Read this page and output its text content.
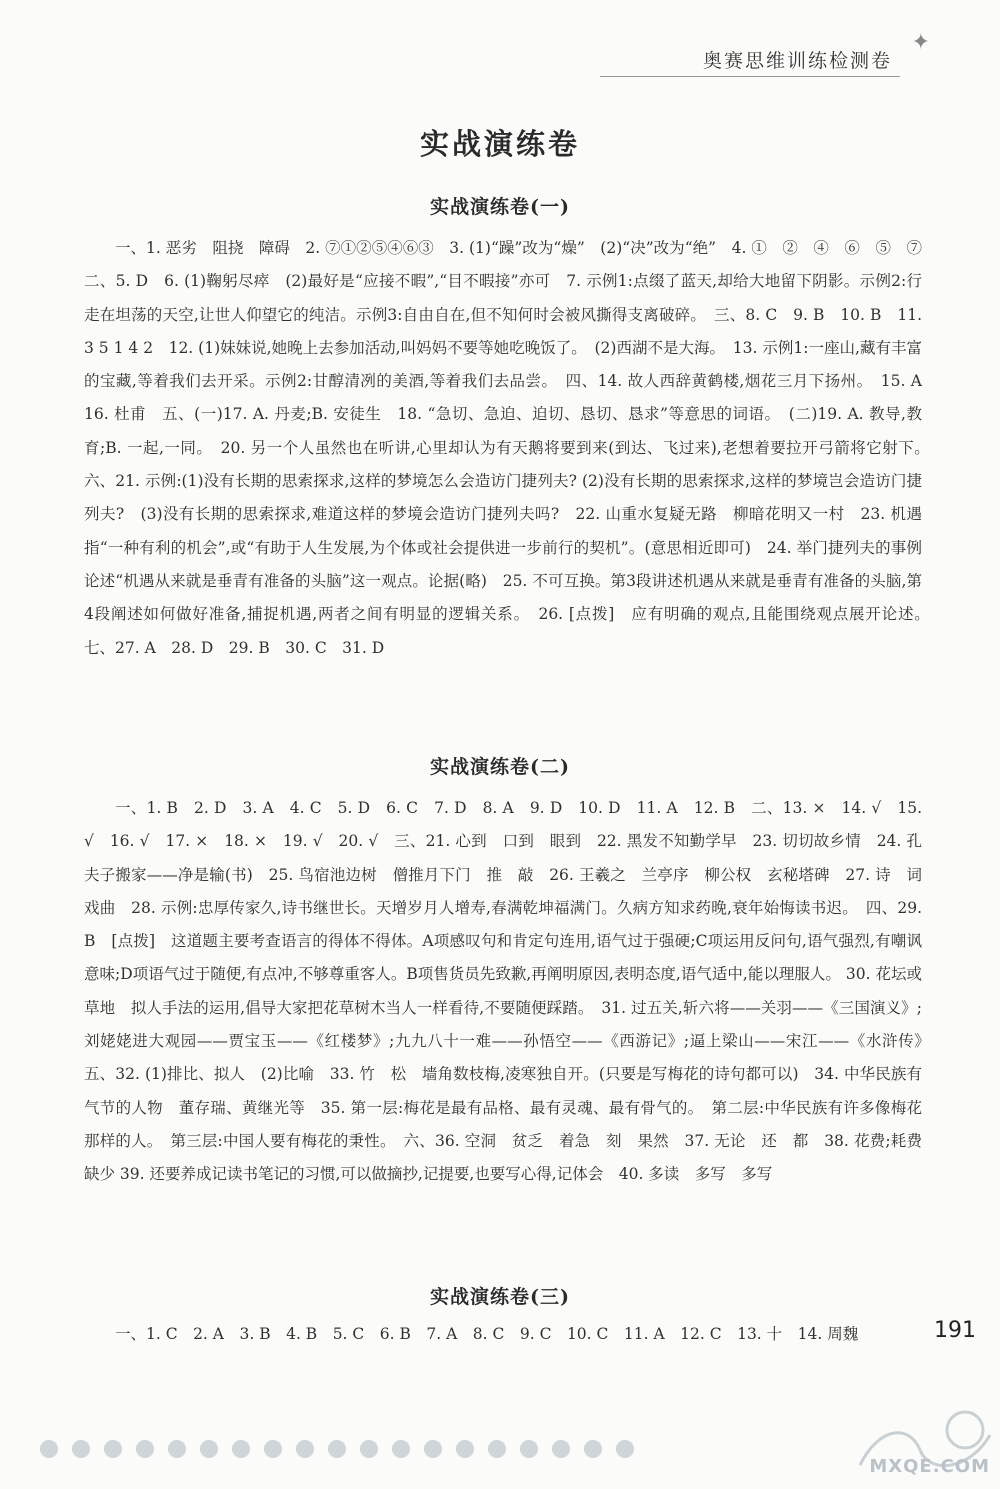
奥赛思维训练检测卷
✦
实战演练卷
实战演练卷(一)
一、1. 恶劣　阻挠　障碍　2. ⑦①②⑤④⑥③　3. (1)“躁”改为“燥”　(2)“决”改为“绝”　4. ①　②　④　⑥　⑤　⑦　二、5. D　6. (1)鞠躬尽瘁　(2)最好是“应接不暇”,“目不暇接”亦可　7. 示例1:点缀了蓝天,却给大地留下阴影。示例2:行走在坦荡的天空,让世人仰望它的纯洁。示例3:自由自在,但不知何时会被风撕得支离破碎。　三、8. C　9. B　10. B　11. 3 5 1 4 2　12. (1)妹妹说,她晚上去参加活动,叫妈妈不要等她吃晚饭了。　(2)西湖不是大海。　13. 示例1:一座山,藏有丰富的宝藏,等着我们去开采。示例2:甘醇清冽的美酒,等着我们去品尝。　四、14. 故人西辞黄鹤楼,烟花三月下扬州。　15. A　16. 杜甫　五、(一)17. A. 丹麦;B. 安徒生　18. “急切、急迫、迫切、恳切、恳求”等意思的词语。　(二)19. A. 教导,教育;B. 一起,一同。　20. 另一个人虽然也在听讲,心里却认为有天鹅将要到来(到达、飞过来),老想着要拉开弓箭将它射下。　六、21. 示例:(1)没有长期的思索探求,这样的梦境怎么会造访门捷列夫? (2)没有长期的思索探求,这样的梦境岂会造访门捷列夫?　(3)没有长期的思索探求,难道这样的梦境会造访门捷列夫吗?　22. 山重水复疑无路　柳暗花明又一村　23. 机遇指“一种有利的机会”,或“有助于人生发展,为个体或社会提供进一步前行的契机”。(意思相近即可)　24. 举门捷列夫的事例论述“机遇从来就是垂青有准备的头脑”这一观点。论据(略)　25. 不可互换。第3段讲述机遇从来就是垂青有准备的头脑,第4段阐述如何做好准备,捕捉机遇,两者之间有明显的逻辑关系。　26. [点拨]　应有明确的观点,且能围绕观点展开论述。　七、27. A　28. D　29. B　30. C　31. D
实战演练卷(二)
一、1. B　2. D　3. A　4. C　5. D　6. C　7. D　8. A　9. D　10. D　11. A　12. B　二、13. ×　14. √　15. √　16. √　17. ×　18. ×　19. √　20. √　三、21. 心到　口到　眼到　22. 黑发不知勤学早　23. 切切故乡情　24. 孔夫子搬家——净是输(书)　25. 鸟宿池边树　僧推月下门　推　敲　26. 王羲之　兰亭序　柳公权　玄秘塔碑　27. 诗　词　戏曲　28. 示例:忠厚传家久,诗书继世长。天增岁月人增寿,春满乾坤福满门。久病方知求药晚,衰年始悔读书迟。　四、29. B　[点拨]　这道题主要考查语言的得体不得体。A项感叹句和肯定句连用,语气过于强硬;C项运用反问句,语气强烈,有嘲讽意味;D项语气过于随便,有点冲,不够尊重客人。B项售货员先致歉,再阐明原因,表明态度,语气适中,能以理服人。 30. 花坛或草地　拟人手法的运用,倡导大家把花草树木当人一样看待,不要随便踩踏。　31. 过五关,斩六将——关羽——《三国演义》;刘姥姥进大观园——贾宝玉——《红楼梦》;九九八十一难——孙悟空——《西游记》;逼上梁山——宋江——《水浒传》　五、32. (1)排比、拟人　(2)比喻　33. 竹　松　墙角数枝梅,凌寒独自开。(只要是写梅花的诗句都可以)　34. 中华民族有气节的人物　董存瑞、黄继光等　35. 第一层:梅花是最有品格、最有灵魂、最有骨气的。　第二层:中华民族有许多像梅花那样的人。　第三层:中国人要有梅花的秉性。　六、36. 空洞　贫乏　着急　刻　果然　37. 无论　还　都　38. 花费;耗费　缺少 39. 还要养成记读书笔记的习惯,可以做摘抄,记提要,也要写心得,记体会　40. 多读　多写　多写
实战演练卷(三)
一、1. C　2. A　3. B　4. B　5. C　6. B　7. A　8. C　9. C　10. C　11. A　12. C　13. 十　14. 周魏	191
MXQE.COM
